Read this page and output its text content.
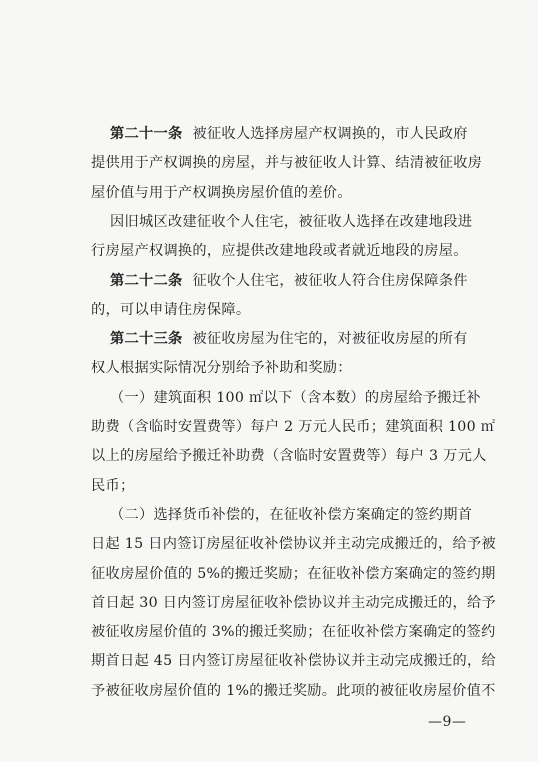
第二十一条 被征收人选择房屋产权调换的，市人民政府
提供用于产权调换的房屋，并与被征收人计算、结清被征收房
屋价值与用于产权调换房屋价值的差价。
因旧城区改建征收个人住宅，被征收人选择在改建地段进
行房屋产权调换的，应提供改建地段或者就近地段的房屋。
第二十二条 征收个人住宅，被征收人符合住房保障条件
的，可以申请住房保障。
第二十三条 被征收房屋为住宅的，对被征收房屋的所有
权人根据实际情况分别给予补助和奖励：
（一）建筑面积 100 ㎡以下（含本数）的房屋给予搬迁补
助费（含临时安置费等）每户 2 万元人民币；建筑面积 100 ㎡
以上的房屋给予搬迁补助费（含临时安置费等）每户 3 万元人
民币；
（二）选择货币补偿的，在征收补偿方案确定的签约期首
日起 15 日内签订房屋征收补偿协议并主动完成搬迁的，给予被
征收房屋价值的 5%的搬迁奖励；在征收补偿方案确定的签约期
首日起 30 日内签订房屋征收补偿协议并主动完成搬迁的，给予
被征收房屋价值的 3%的搬迁奖励；在征收补偿方案确定的签约
期首日起 45 日内签订房屋征收补偿协议并主动完成搬迁的，给
予被征收房屋价值的 1%的搬迁奖励。此项的被征收房屋价值不
—9—
